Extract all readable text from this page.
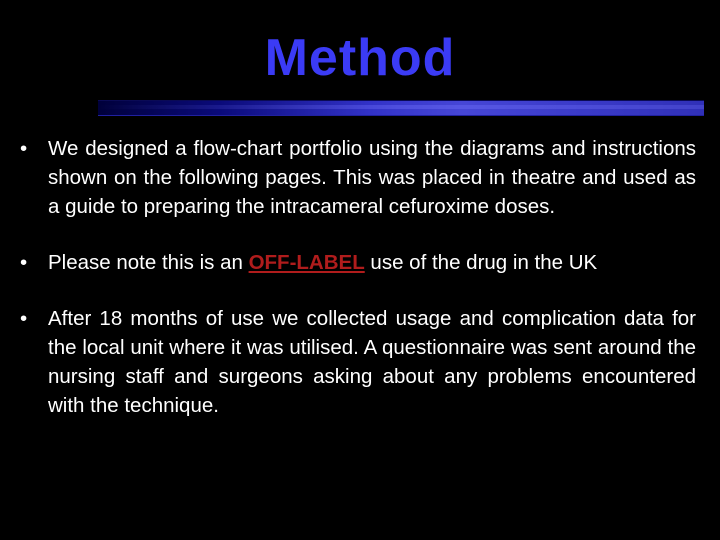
Method
•	We designed a flow-chart portfolio using the diagrams and instructions shown on the following pages. This was placed in theatre and used as a guide to preparing the intracameral cefuroxime doses.
•	Please note this is an OFF-LABEL use of the drug in the UK
•	After 18 months of use we collected usage and complication data for the local unit where it was utilised. A questionnaire was sent around the nursing staff and surgeons asking about any problems encountered with the technique.
